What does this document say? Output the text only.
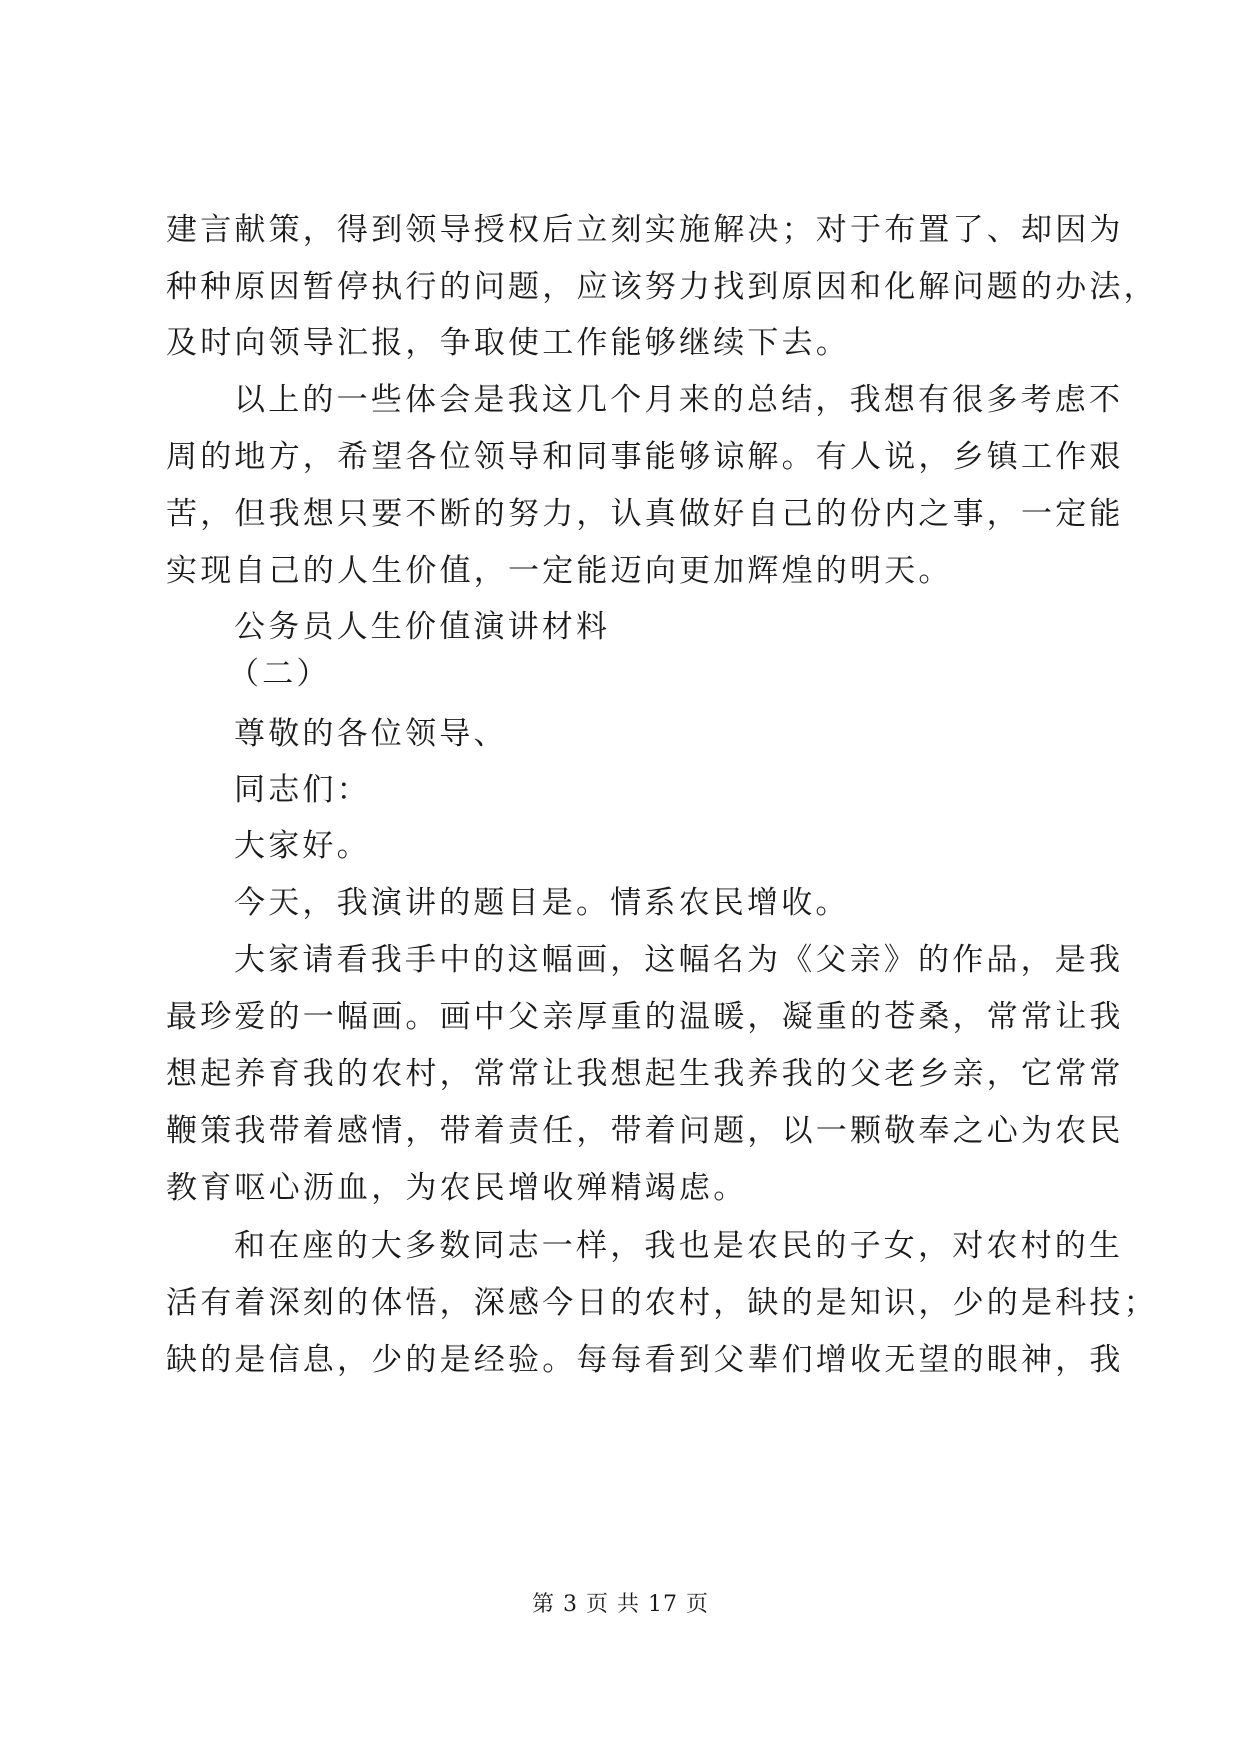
建言献策，得到领导授权后立刻实施解决；对于布置了、却因为
种种原因暂停执行的问题，应该努力找到原因和化解问题的办法，
及时向领导汇报，争取使工作能够继续下去。
以上的一些体会是我这几个月来的总结，我想有很多考虑不
周的地方，希望各位领导和同事能够谅解。有人说，乡镇工作艰
苦，但我想只要不断的努力，认真做好自己的份内之事，一定能
实现自己的人生价值，一定能迈向更加辉煌的明天。
公务员人生价值演讲材料
（二）
尊敬的各位领导、
同志们：
大家好。
今天，我演讲的题目是。情系农民增收。
大家请看我手中的这幅画，这幅名为《父亲》的作品，是我
最珍爱的一幅画。画中父亲厚重的温暖，凝重的苍桑，常常让我
想起养育我的农村，常常让我想起生我养我的父老乡亲，它常常
鞭策我带着感情，带着责任，带着问题，以一颗敬奉之心为农民
教育呕心沥血，为农民增收殚精竭虑。
和在座的大多数同志一样，我也是农民的子女，对农村的生
活有着深刻的体悟，深感今日的农村，缺的是知识，少的是科技；
缺的是信息，少的是经验。每每看到父辈们增收无望的眼神，我
第 3 页 共 17 页
